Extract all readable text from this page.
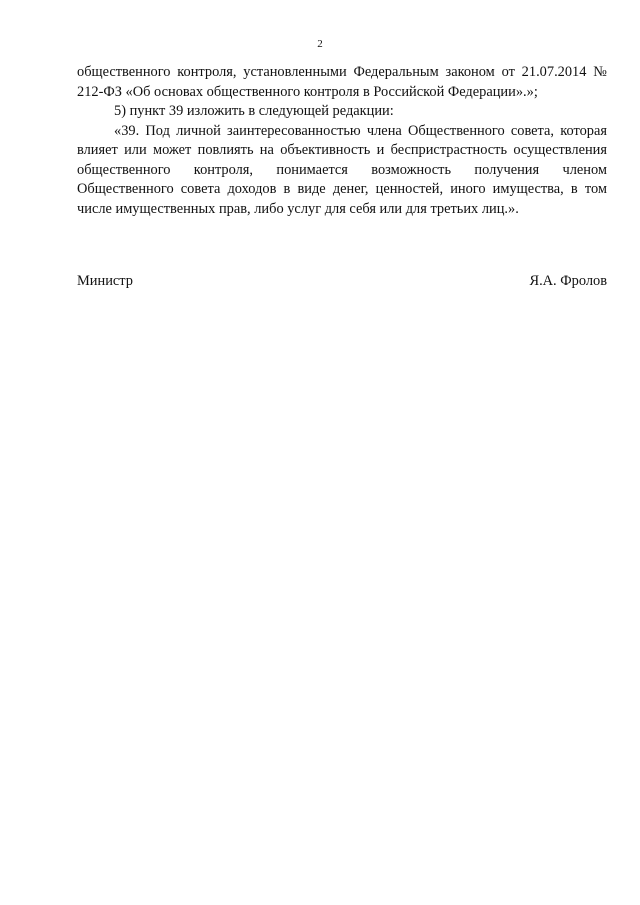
2

общественного контроля, установленными Федеральным законом от 21.07.2014 № 212-ФЗ «Об основах общественного контроля в Российской Федерации».»;

5) пункт 39 изложить в следующей редакции:

«39. Под личной заинтересованностью члена Общественного совета, которая влияет или может повлиять на объективность и беспристрастность осуществления общественного контроля, понимается возможность получения членом Общественного совета доходов в виде денег, ценностей, иного имущества, в том числе имущественных прав, либо услуг для себя или для третьих лиц.».

Министр	Я.А. Фролов
